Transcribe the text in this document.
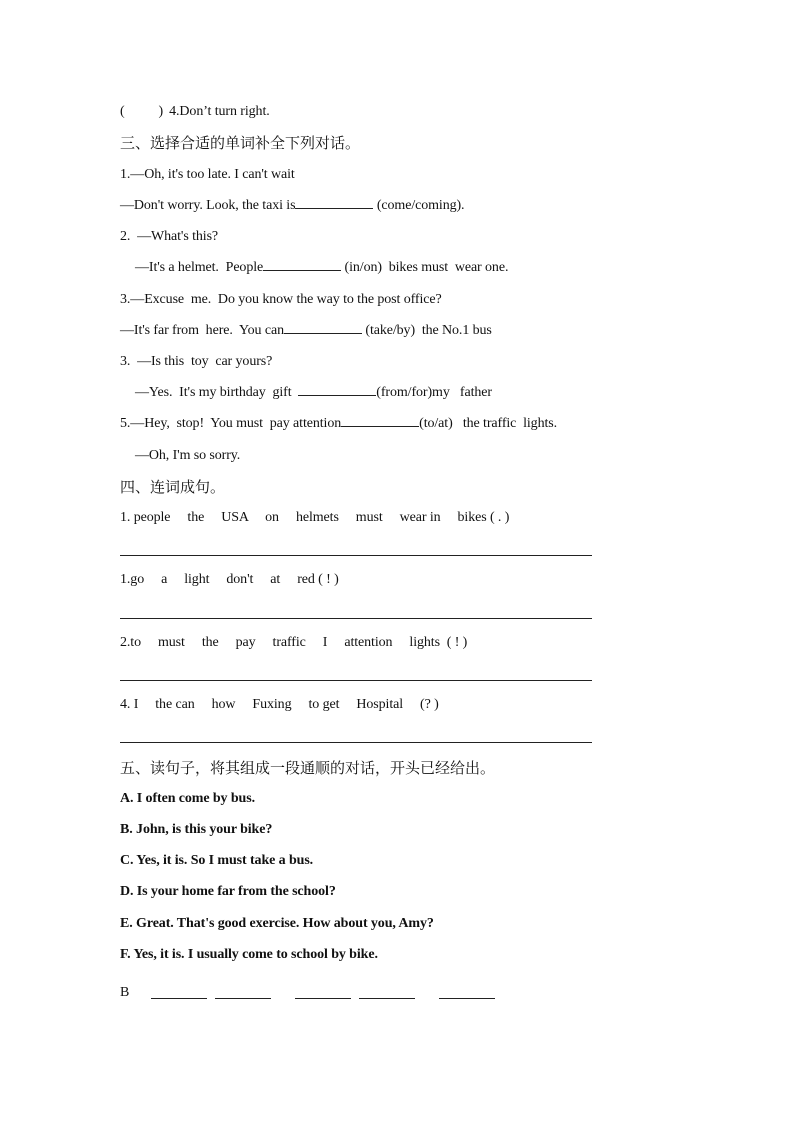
(          ) 4.Don’t turn right.
三、选择合适的单词补全下列对话。
1.—Oh, it's too late. I can't wait
—Don't worry. Look, the taxi is	(come/coming).
2.  —What's this?
—It's a helmet.  People	(in/on)  bikes must  wear one.
3.—Excuse  me.  Do you know the way to the post office?
—It's far from  here.  You can	(take/by)  the No.1 bus
3.  —Is this  toy  car yours?
—Yes.  It's my birthday  gift	(from/for)my   father
5.—Hey,  stop!  You must  pay attention	(to/at)   the traffic  lights.
—Oh, I'm so sorry.
四、连词成句。
1. people     the     USA     on     helmets     must     wear in     bikes ( . )
1.go     a     light     don't     at     red ( ! )
2.to     must     the     pay     traffic     I     attention     lights  ( ! )
4. I     the can     how     Fuxing     to get     Hospital     (? )
五、读句子，将其组成一段通顺的对话，开头已经给出。
A. I often come by bus.
B. John, is this your bike?
C. Yes, it is. So I must take a bus.
D. Is your home far from the school?
E. Great. That's good exercise. How about you, Amy?
F. Yes, it is. I usually come to school by bike.
B
